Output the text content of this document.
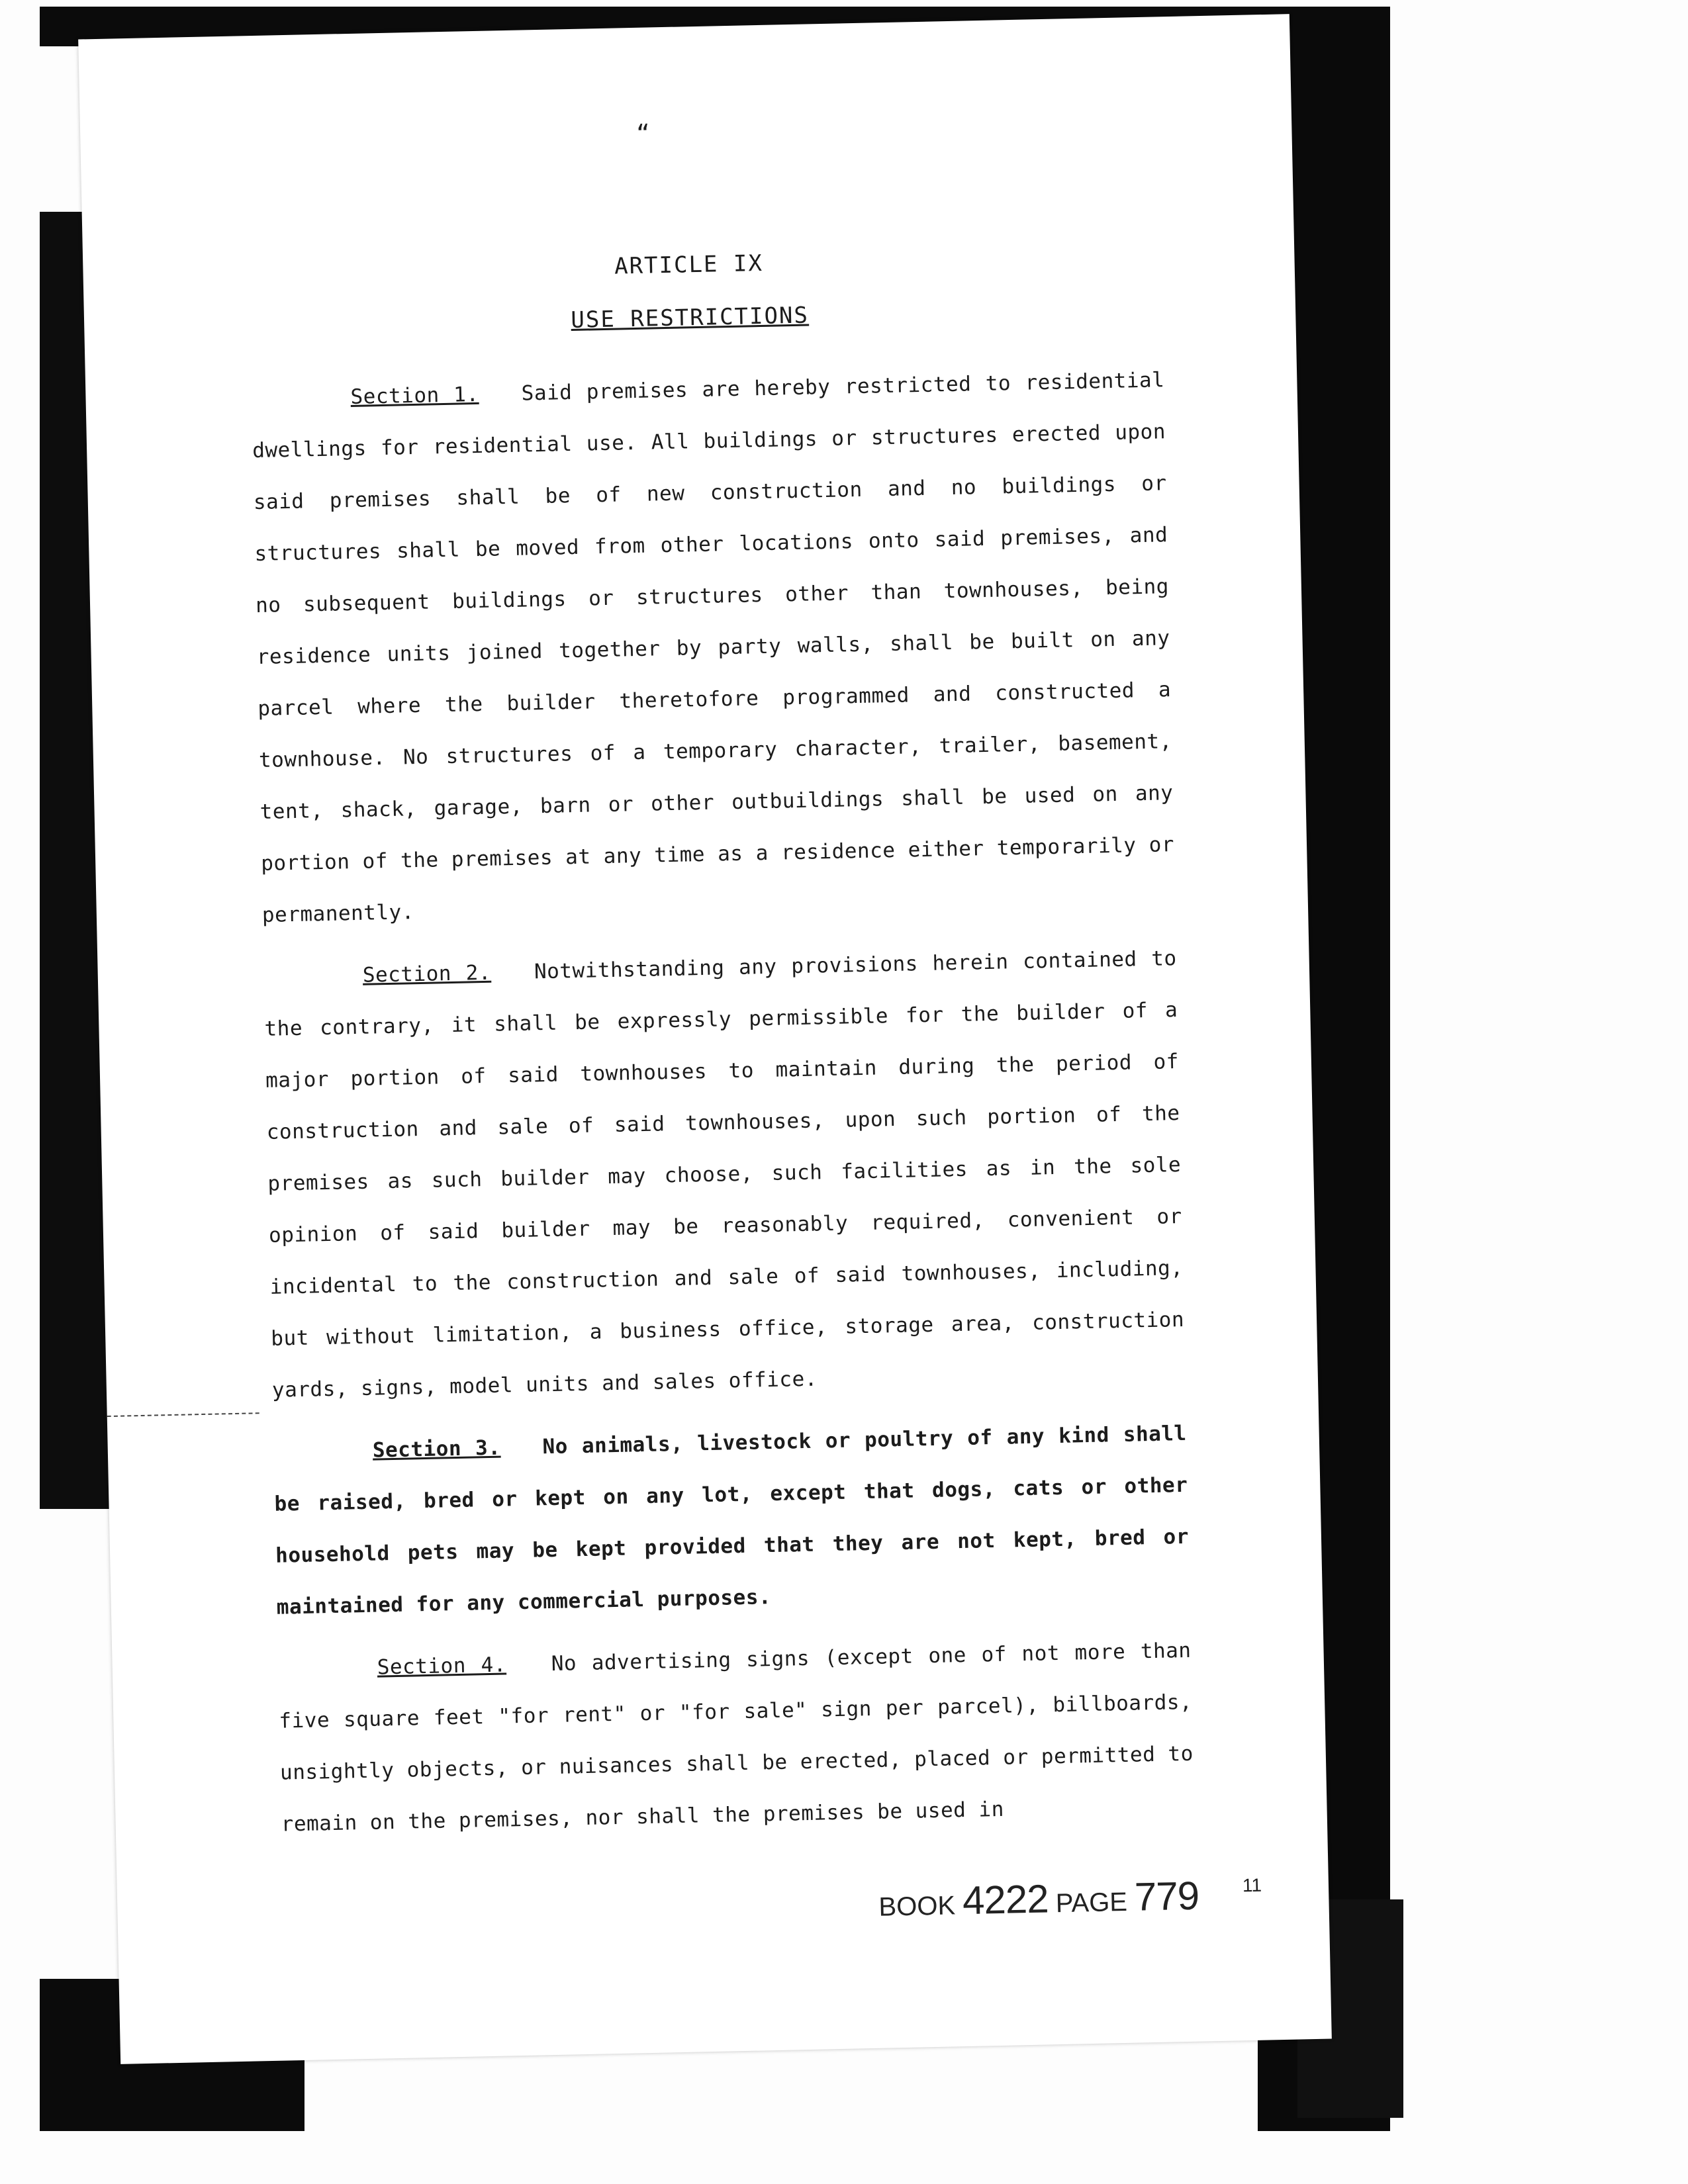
“
ARTICLE IX
USE RESTRICTIONS

Section 1. Said premises are hereby restricted to residential dwellings for residential use. All buildings or structures erected upon said premises shall be of new construction and no buildings or structures shall be moved from other locations onto said premises, and no subsequent buildings or structures other than townhouses, being residence units joined together by party walls, shall be built on any parcel where the builder theretofore programmed and constructed a townhouse. No structures of a temporary character, trailer, basement, tent, shack, garage, barn or other outbuildings shall be used on any portion of the premises at any time as a residence either temporarily or permanently.

Section 2. Notwithstanding any provisions herein contained to the contrary, it shall be expressly permissible for the builder of a major portion of said townhouses to maintain during the period of construction and sale of said townhouses, upon such portion of the premises as such builder may choose, such facilities as in the sole opinion of said builder may be reasonably required, convenient or incidental to the construction and sale of said townhouses, including, but without limitation, a business office, storage area, construction yards, signs, model units and sales office.

Section 3. No animals, livestock or poultry of any kind shall be raised, bred or kept on any lot, except that dogs, cats or other household pets may be kept provided that they are not kept, bred or maintained for any commercial purposes.

Section 4. No advertising signs (except one of not more than five square feet "for rent" or "for sale" sign per parcel), billboards, unsightly objects, or nuisances shall be erected, placed or permitted to remain on the premises, nor shall the premises be used in

BOOK 4222 PAGE 779 11
